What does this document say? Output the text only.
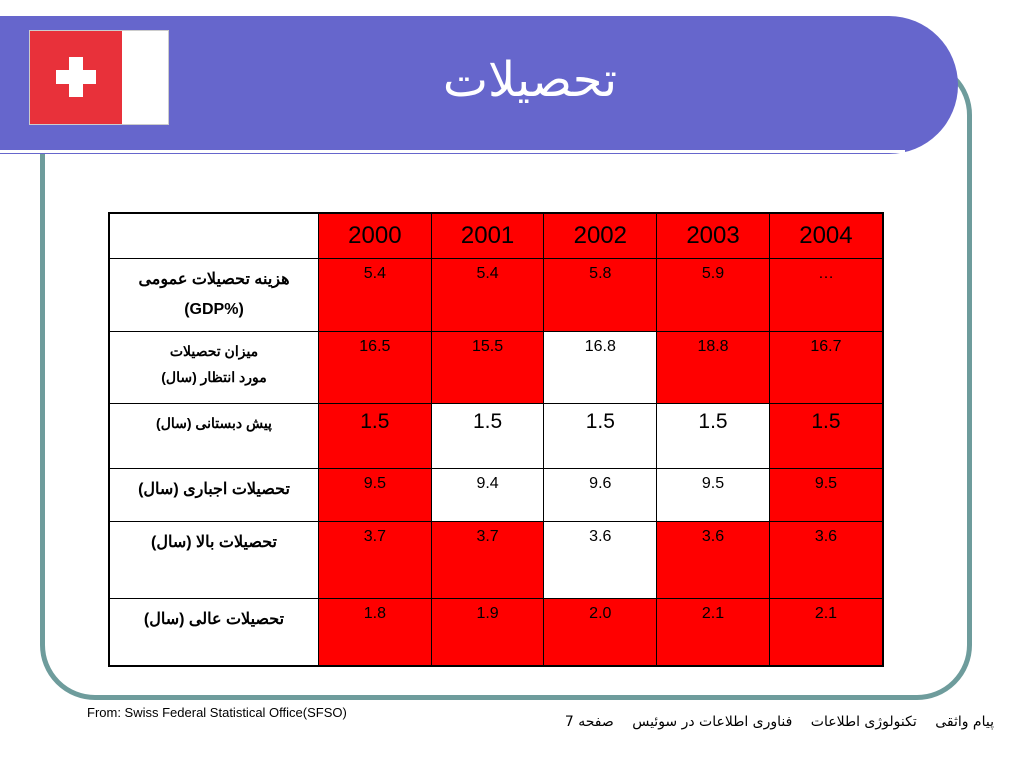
تحصیلات
	2000	2001	2002	2003	2004

هزینه تحصیلات عمومی
(%GDP)	5.4	5.4	5.8	5.9	…

میزان تحصیلات
مورد انتظار (سال)	16.5	15.5	16.8	18.8	16.7

پیش دبستانی (سال)	1.5	1.5	1.5	1.5	1.5

تحصیلات اجباری (سال)	9.5	9.4	9.6	9.5	9.5

تحصیلات بالا (سال)	3.7	3.7	3.6	3.6	3.6

تحصیلات عالی (سال)	1.8	1.9	2.0	2.1	2.1
From: Swiss Federal Statistical Office(SFSO)
پیام واثقی تکنولوژی اطلاعات فناوری اطلاعات در سوئیس صفحه 7
